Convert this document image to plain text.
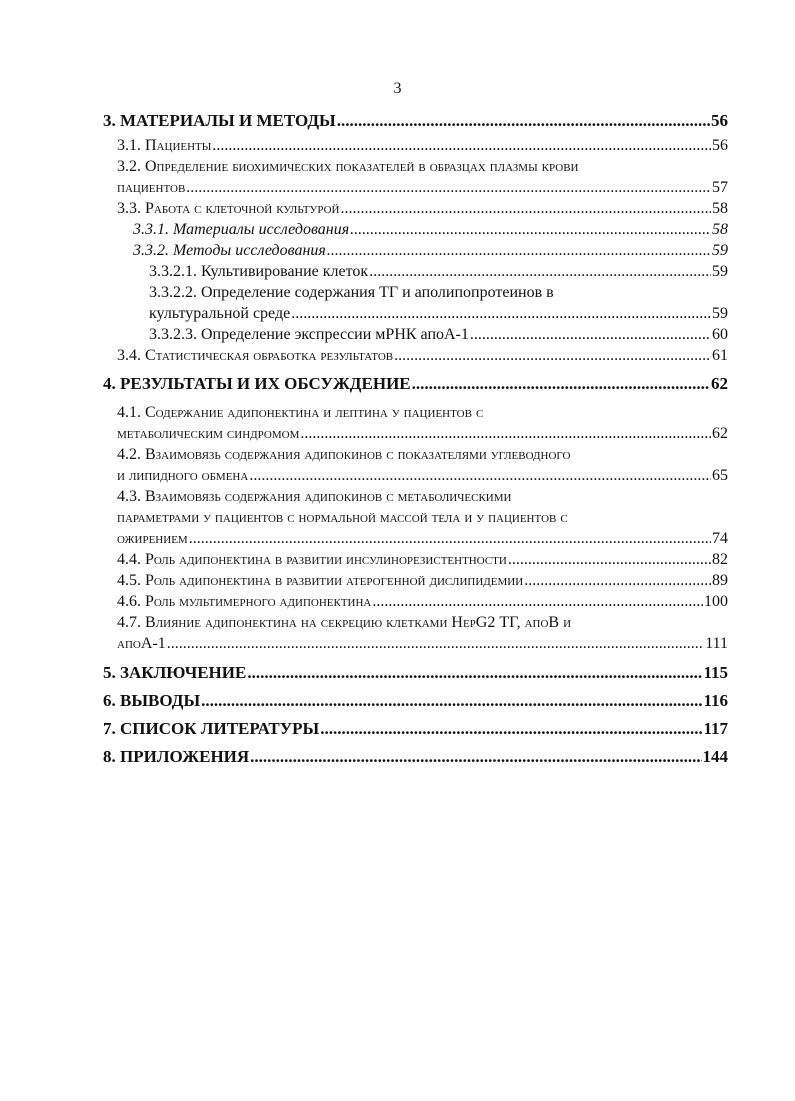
3
3. МАТЕРИАЛЫ И МЕТОДЫ .....	56
3.1. Пациенты .....	56
3.2. Определение биохимических показателей в образцах плазмы крови
пациентов .....	57
3.3. Работа с клеточной культурой .....	58
3.3.1. Материалы исследования .....	58
3.3.2. Методы исследования .....	59
3.3.2.1. Культивирование клеток .....	59
3.3.2.2. Определение содержания ТГ и аполипопротеинов в
культуральной среде .....	59
3.3.2.3. Определение экспрессии мРНК апоА-1 .....	60
3.4. Статистическая обработка результатов .....	61
4. РЕЗУЛЬТАТЫ И ИХ ОБСУЖДЕНИЕ .....	62
4.1. Содержание адипонектина и лептина у пациентов с
метаболическим синдромом .....	62
4.2. Взаимовязь содержания адипокинов с показателями углеводного
и липидного обмена .....	65
4.3. Взаимовязь содержания адипокинов с метаболическими
параметрами у пациентов с нормальной массой тела и у пациентов с
ожирением .....	74
4.4. Роль адипонектина в развитии инсулинорезистентности .....	82
4.5. Роль адипонектина в развитии атерогенной дислипидемии .....	89
4.6. Роль мультимерного адипонектина .....	100
4.7. Влияние адипонектина на секрецию клетками HepG2 ТГ, апоВ и
апоА-1 .....	111
5. ЗАКЛЮЧЕНИЕ .....	115
6. ВЫВОДЫ .....	116
7. СПИСОК ЛИТЕРАТУРЫ .....	117
8. ПРИЛОЖЕНИЯ .....	144
